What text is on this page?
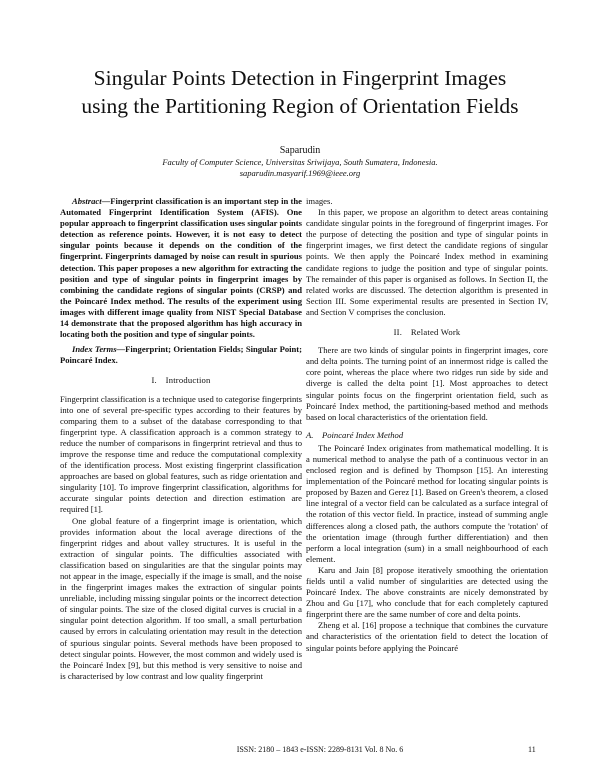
Singular Points Detection in Fingerprint Images
using the Partitioning Region of Orientation Fields
Saparudin
Faculty of Computer Science, Universitas Sriwijaya, South Sumatera, Indonesia.
saparudin.masyarif.1969@ieee.org

Abstract—Fingerprint classification is an important step in the Automated Fingerprint Identification System (AFIS). One popular approach to fingerprint classification uses singular points detection as reference points. However, it is not easy to detect singular points because it depends on the condition of the fingerprint. Fingerprints damaged by noise can result in spurious detection. This paper proposes a new algorithm for extracting the position and type of singular points in fingerprint images by combining the candidate regions of singular points (CRSP) and the Poincaré Index method. The results of the experiment using images with different image quality from NIST Special Database 14 demonstrate that the proposed algorithm has high accuracy in locating both the position and type of singular points.

Index Terms—Fingerprint; Orientation Fields; Singular Point; Poincaré Index.

I. Introduction

Fingerprint classification is a technique used to categorise fingerprints into one of several pre-specific types according to their features by comparing them to a subset of the database corresponding to that fingerprint type. A classification approach is a common strategy to reduce the number of comparisons in fingerprint retrieval and thus to improve the response time and reduce the computational complexity of the identification process. Most existing fingerprint classification approaches are based on global features, such as ridge orientation and singularity [10]. To improve fingerprint classification, algorithms for accurate singular points detection and direction estimation are required [1].

One global feature of a fingerprint image is orientation, which provides information about the local average directions of the fingerprint ridges and about valley structures. It is useful in the extraction of singular points. The difficulties associated with classification based on singularities are that the singular points may not appear in the image, especially if the image is small, and the noise in the fingerprint images makes the extraction of singular points unreliable, including missing singular points or the incorrect detection of singular points. The size of the closed digital curves is crucial in a singular point detection algorithm. If too small, a small perturbation caused by errors in calculating orientation may result in the detection of spurious singular points. Several methods have been proposed to detect singular points. However, the most common and widely used is the Poincaré Index [9], but this method is very sensitive to noise and is characterised by low contrast and low quality fingerprint

images.

In this paper, we propose an algorithm to detect areas containing candidate singular points in the foreground of fingerprint images. For the purpose of detecting the position and type of singular points in fingerprint images, we first detect the candidate regions of singular points. We then apply the Poincaré Index method in examining candidate regions to judge the position and type of singular points. The remainder of this paper is organised as follows. In Section II, the related works are discussed. The detection algorithm is presented in Section III. Some experimental results are presented in Section IV, and Section V comprises the conclusion.

II. Related Work

There are two kinds of singular points in fingerprint images, core and delta points. The turning point of an innermost ridge is called the core point, whereas the place where two ridges run side by side and diverge is called the delta point [1]. Most approaches to detect singular points focus on the fingerprint orientation field, such as Poincaré Index method, the partitioning-based method and methods based on local characteristics of the orientation field.

A. Poincaré Index Method

The Poincaré Index originates from mathematical modelling. It is a numerical method to analyse the path of a continuous vector in an enclosed region and is defined by Thompson [15]. An interesting implementation of the Poincaré method for locating singular points is proposed by Bazen and Gerez [1]. Based on Green's theorem, a closed line integral of a vector field can be calculated as a surface integral of the rotation of this vector field. In practice, instead of summing angle differences along a closed path, the authors compute the 'rotation' of the orientation image (through further differentiation) and then perform a local integration (sum) in a small neighbourhood of each element.

Karu and Jain [8] propose iteratively smoothing the orientation fields until a valid number of singularities are detected using the Poincaré Index. The above constraints are nicely demonstrated by Zhou and Gu [17], who conclude that for each completely captured fingerprint there are the same number of core and delta points.

Zheng et al. [16] propose a technique that combines the curvature and characteristics of the orientation field to detect the location of singular points before applying the Poincaré

ISSN: 2180 – 1843 e-ISSN: 2289-8131 Vol. 8 No. 6	11
